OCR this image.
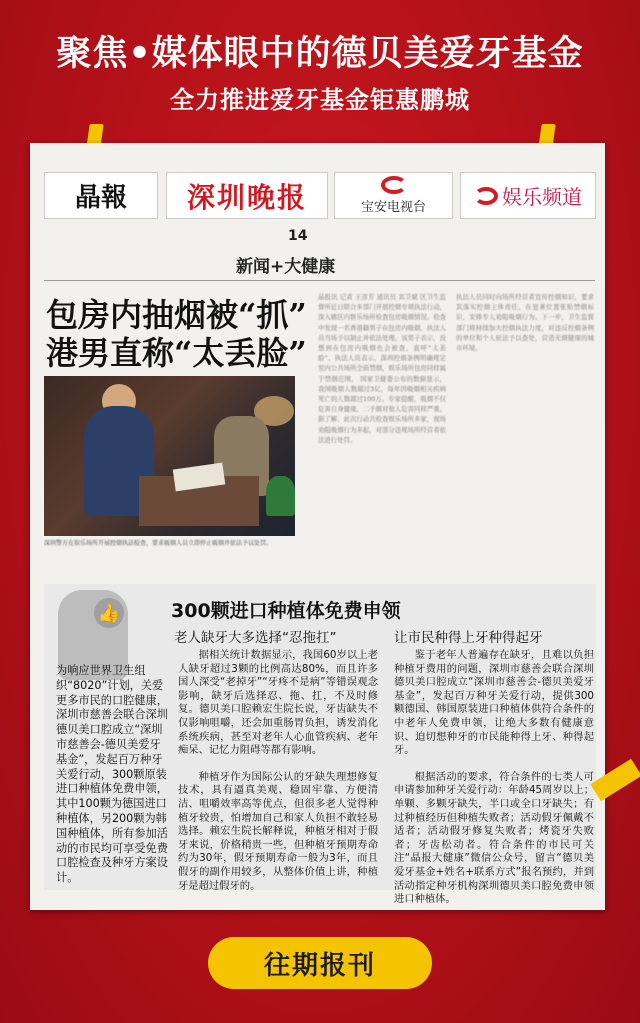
聚焦•媒体眼中的德贝美爱牙基金
全力推进爱牙基金钜惠鹏城
晶報 深圳晚报	宝安电视台	娱乐频道
14
新闻+大健康
包房内抽烟被“抓”
港男直称“太丢脸”
深圳警方在娱乐场所开展控烟执法检查，要求吸烟人员立即停止吸烟并依法予以处罚。
晶报讯 记者 王彦芳 通讯员 宾卫斌 区卫生监督所近日联合多部门开展控烟专项执法行动，深入辖区内娱乐场所检查包房吸烟情况。检查中发现一名香港籍男子在包房内吸烟，执法人员当场予以制止并依法处理。该男子表示，没想到在包房内吸烟也会被查，直呼“太丢脸”。执法人员表示，深圳控烟条例明确规定室内公共场所全面禁烟，娱乐场所包房同样属于禁烟范围。 国家卫健委公布的数据显示，我国吸烟人数超过3亿，每年因吸烟相关疾病死亡的人数超过100万。专家提醒，吸烟不仅危害自身健康，二手烟对他人危害同样严重。据了解，此次行动共检查娱乐场所多家，现场劝阻吸烟行为多起，对部分违规场所经营者依法进行处罚。
执法人员同时向场所经营者宣传控烟知识，要求其落实控烟主体责任，在显著位置张贴禁烟标识，安排专人劝阻吸烟行为。下一步，卫生监督部门将持续加大控烟执法力度，对违反控烟条例的单位和个人依法予以查处，营造无烟健康的城市环境。
👍	300颗进口种植体免费申领
老人缺牙大多选择“忍拖扛”	让市民种得上牙种得起牙
为响应世界卫生组织“8020”计划，关爱更多市民的口腔健康，深圳市慈善会联合深圳德贝美口腔成立“深圳市慈善会-德贝美爱牙基金”，发起百万种牙关爱行动，300颗原装进口种植体免费申领，其中100颗为德国进口种植体，另200颗为韩国种植体，所有参加活动的市民均可享受免费口腔检查及种牙方案设计。

据相关统计数据显示，我国60岁以上老人缺牙超过3颗的比例高达80%，而且许多国人深受“老掉牙”“牙疼不是病”等错误观念影响，缺牙后选择忍、拖、扛，不及时修复。德贝美口腔赖宏生院长说，牙齿缺失不仅影响咀嚼，还会加重肠胃负担，诱发消化系统疾病，甚至对老年人心血管疾病、老年痴呆、记忆力阻碍等都有影响。

种植牙作为国际公认的牙缺失理想修复技术，具有逼真美观、稳固牢靠、方便清洁、咀嚼效率高等优点，但很多老人觉得种植牙较贵，怕增加自己和家人负担不敢轻易选择。赖宏生院长解释说，种植牙相对于假牙来说，价格稍贵一些，但种植牙预期寿命约为30年，假牙预期寿命一般为3年，而且假牙的副作用较多，从整体价值上讲，种植牙是超过假牙的。

鉴于老年人普遍存在缺牙，且难以负担种植牙费用的问题，深圳市慈善会联合深圳德贝美口腔成立“深圳市慈善会-德贝美爱牙基金”，发起百万种牙关爱行动，提供300颗德国、韩国原装进口种植体供符合条件的中老年人免费申领，让绝大多数有健康意识、迫切想种牙的市民能种得上牙、种得起牙。

根据活动的要求，符合条件的七类人可申请参加种牙关爱行动：年龄45周岁以上；单颗、多颗牙缺失，半口或全口牙缺失；有过种植经历但种植失败者；活动假牙佩戴不适者；活动假牙修复失败者；烤瓷牙失败者；牙齿松动者。符合条件的市民可关注“晶报大健康”微信公众号，留言“德贝美爱牙基金+姓名+联系方式”报名预约，并到活动指定种牙机构深圳德贝美口腔免费申领进口种植体。

往期报刊
